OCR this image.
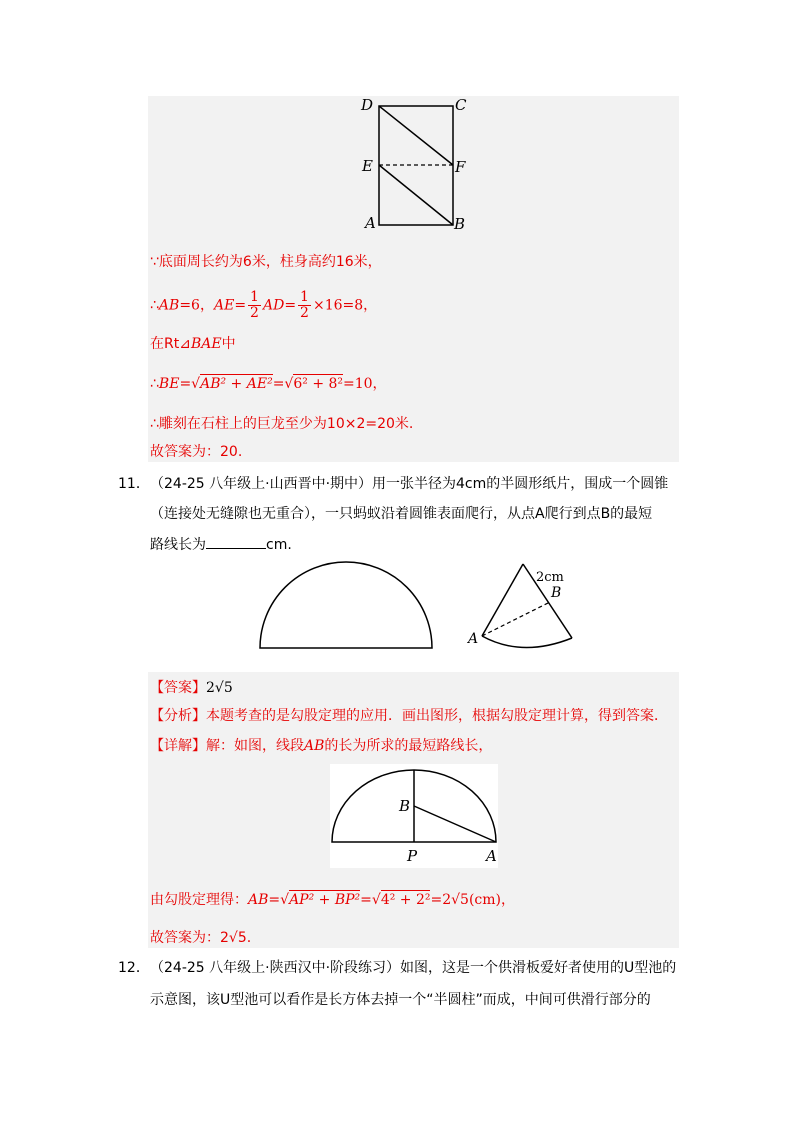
D	C
E	F
A	B
∵底面周长约为6米，柱身高约16米，
∴AB=6，$AE= \frac{1}{2} AD= \frac{1}{2} \times 16=8$，
在Rt⊿BAE中
∴BE=√AB² + AE²=√6² + 8²=10，
∴雕刻在石柱上的巨龙至少为10×2=20米.
故答案为：20.
11． （24-25 八年级上·山西晋中·期中）用一张半径为4cm的半圆形纸片，围成一个圆锥
（连接处无缝隙也无重合），一只蚂蚁沿着圆锥表面爬行，从点A爬行到点B的最短
路线长为	cm.
2cm
B
A
【答案】2√5
【分析】本题考查的是勾股定理的应用．画出图形，根据勾股定理计算，得到答案．
【详解】解：如图，线段AB的长为所求的最短路线长，
B
P	A
由勾股定理得：AB=√AP² + BP²=√4² + 2²=2√5(cm)，
故答案为：2√5.
12． （24-25 八年级上·陕西汉中·阶段练习）如图，这是一个供滑板爱好者使用的U型池的
示意图，该U型池可以看作是长方体去掉一个“半圆柱”而成，中间可供滑行部分的
